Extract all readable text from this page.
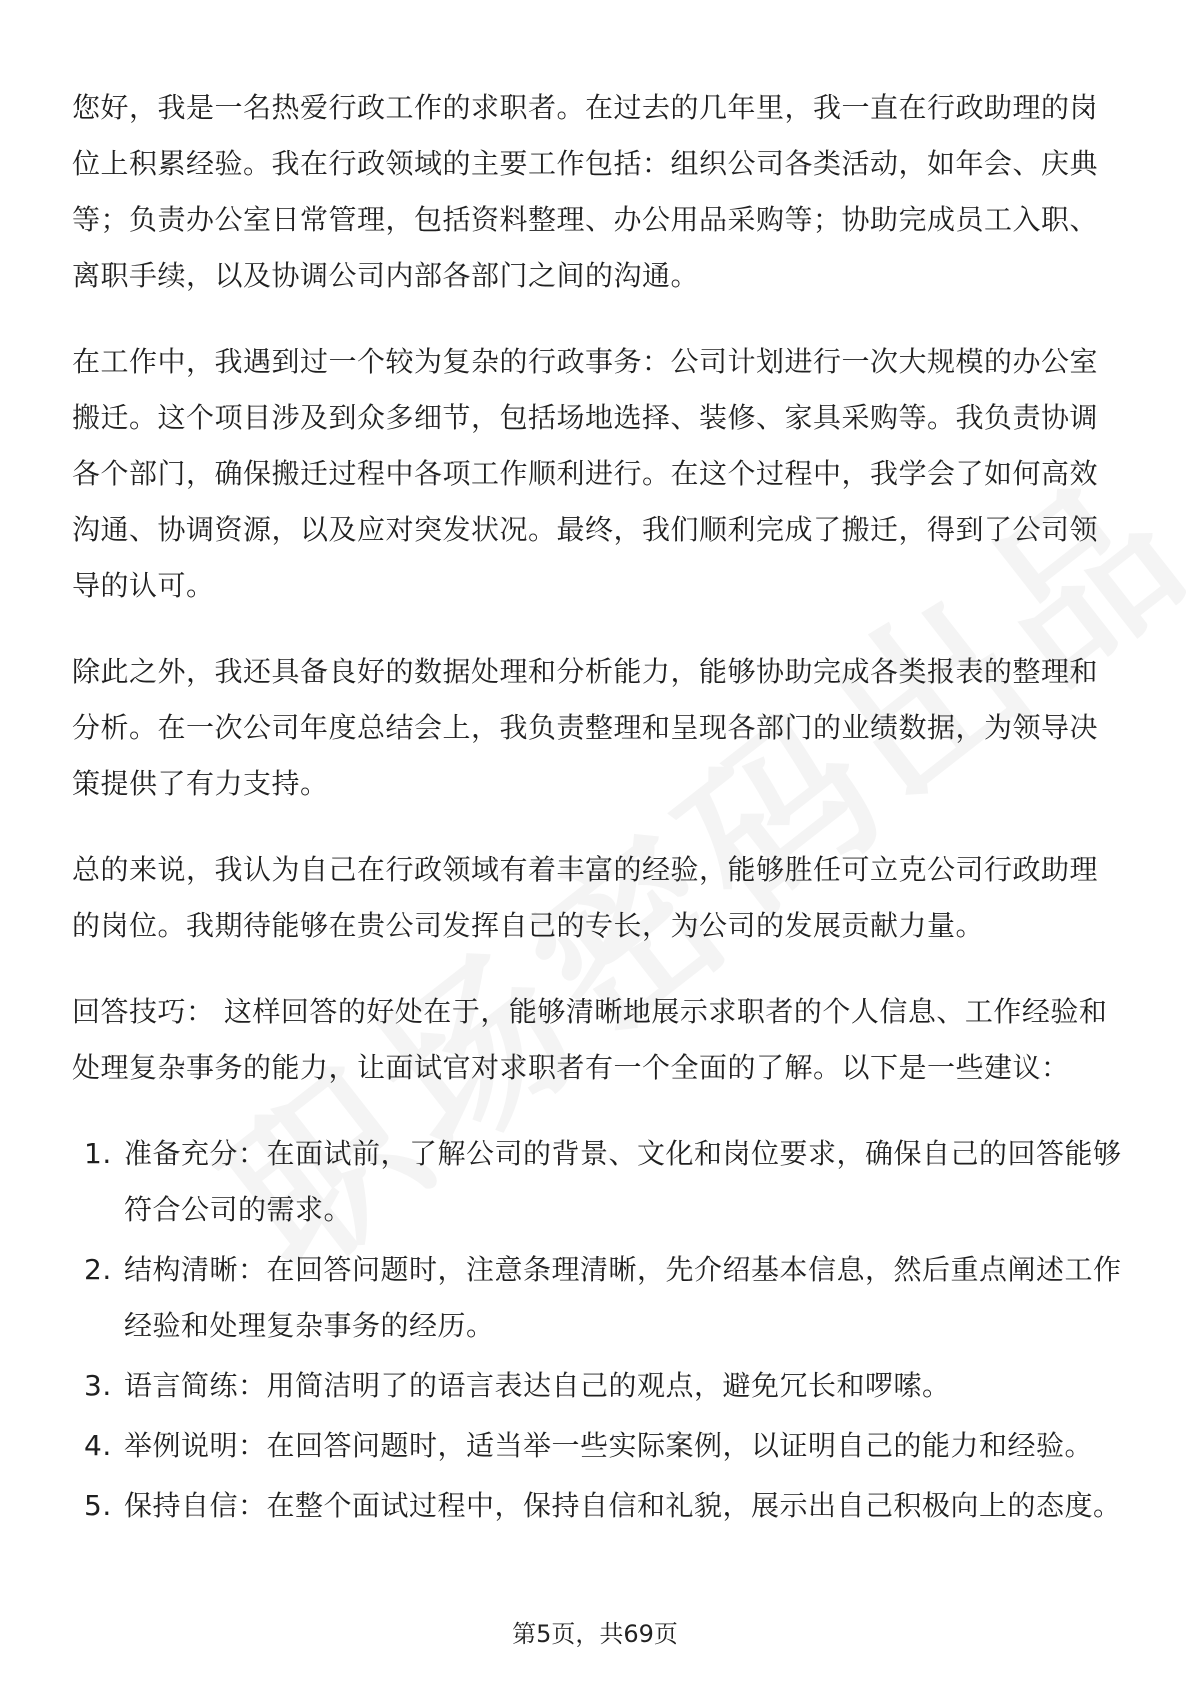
您好，我是一名热爱行政工作的求职者。在过去的几年里，我一直在行政助理的岗位上积累经验。我在行政领域的主要工作包括：组织公司各类活动，如年会、庆典等；负责办公室日常管理，包括资料整理、办公用品采购等；协助完成员工入职、离职手续，以及协调公司内部各部门之间的沟通。

在工作中，我遇到过一个较为复杂的行政事务：公司计划进行一次大规模的办公室搬迁。这个项目涉及到众多细节，包括场地选择、装修、家具采购等。我负责协调各个部门，确保搬迁过程中各项工作顺利进行。在这个过程中，我学会了如何高效沟通、协调资源，以及应对突发状况。最终，我们顺利完成了搬迁，得到了公司领导的认可。

除此之外，我还具备良好的数据处理和分析能力，能够协助完成各类报表的整理和分析。在一次公司年度总结会上，我负责整理和呈现各部门的业绩数据，为领导决策提供了有力支持。

总的来说，我认为自己在行政领域有着丰富的经验，能够胜任可立克公司行政助理的岗位。我期待能够在贵公司发挥自己的专长，为公司的发展贡献力量。

回答技巧： 这样回答的好处在于，能够清晰地展示求职者的个人信息、工作经验和处理复杂事务的能力，让面试官对求职者有一个全面的了解。以下是一些建议：

1. 准备充分：在面试前，了解公司的背景、文化和岗位要求，确保自己的回答能够符合公司的需求。
2. 结构清晰：在回答问题时，注意条理清晰，先介绍基本信息，然后重点阐述工作经验和处理复杂事务的经历。
3. 语言简练：用简洁明了的语言表达自己的观点，避免冗长和啰嗦。
4. 举例说明：在回答问题时，适当举一些实际案例，以证明自己的能力和经验。
5. 保持自信：在整个面试过程中，保持自信和礼貌，展示出自己积极向上的态度。
第5页，共69页
